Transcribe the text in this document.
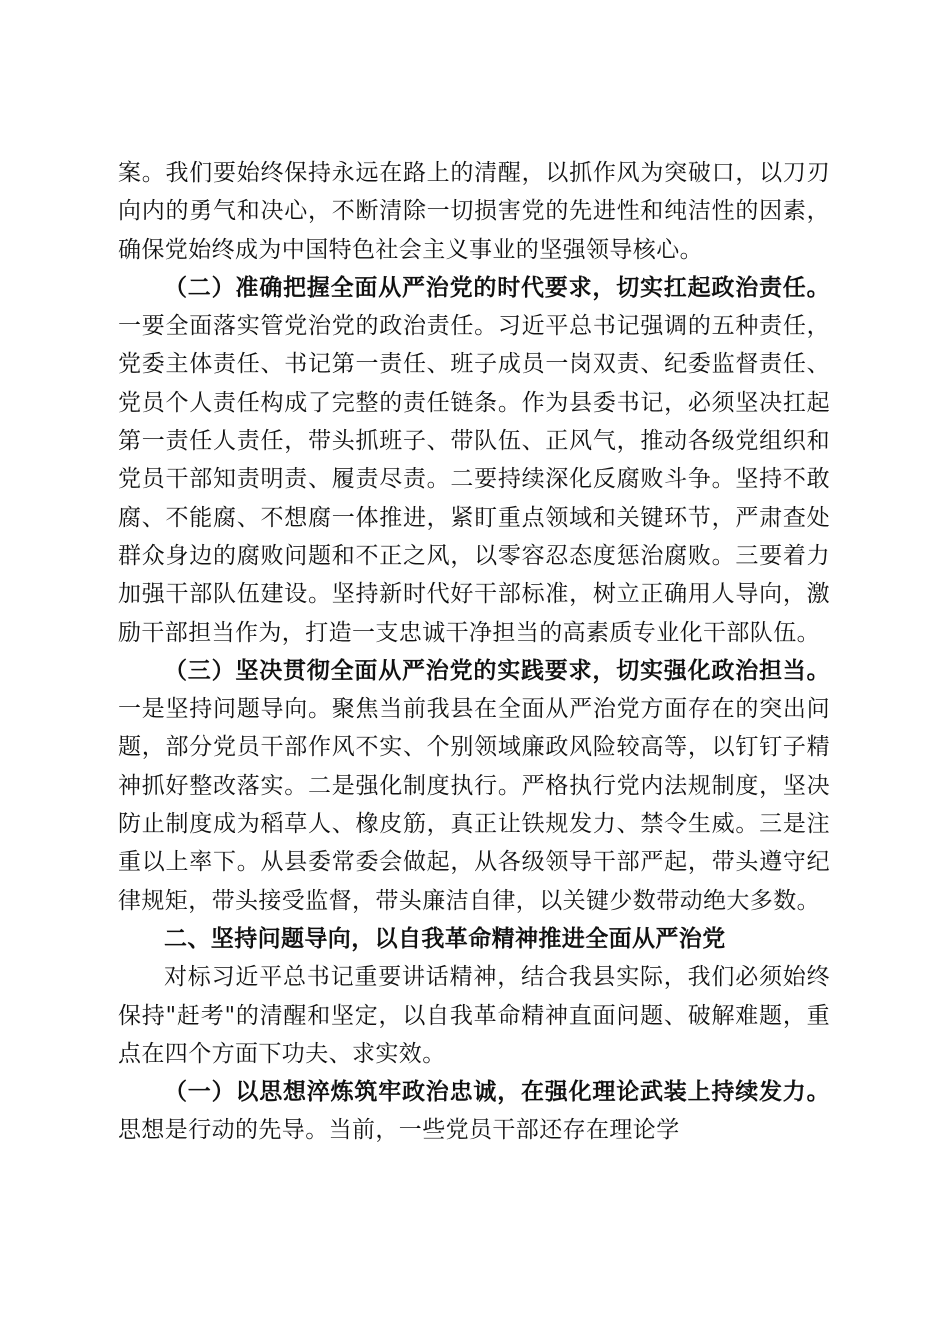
案。我们要始终保持永远在路上的清醒，以抓作风为突破口，以刀刃向内的勇气和决心，不断清除一切损害党的先进性和纯洁性的因素，确保党始终成为中国特色社会主义事业的坚强领导核心。

（二）准确把握全面从严治党的时代要求，切实扛起政治责任。一要全面落实管党治党的政治责任。习近平总书记强调的五种责任，党委主体责任、书记第一责任、班子成员一岗双责、纪委监督责任、党员个人责任构成了完整的责任链条。作为县委书记，必须坚决扛起第一责任人责任，带头抓班子、带队伍、正风气，推动各级党组织和党员干部知责明责、履责尽责。二要持续深化反腐败斗争。坚持不敢腐、不能腐、不想腐一体推进，紧盯重点领域和关键环节，严肃查处群众身边的腐败问题和不正之风，以零容忍态度惩治腐败。三要着力加强干部队伍建设。坚持新时代好干部标准，树立正确用人导向，激励干部担当作为，打造一支忠诚干净担当的高素质专业化干部队伍。

（三）坚决贯彻全面从严治党的实践要求，切实强化政治担当。一是坚持问题导向。聚焦当前我县在全面从严治党方面存在的突出问题，部分党员干部作风不实、个别领域廉政风险较高等，以钉钉子精神抓好整改落实。二是强化制度执行。严格执行党内法规制度，坚决防止制度成为稻草人、橡皮筋，真正让铁规发力、禁令生威。三是注重以上率下。从县委常委会做起，从各级领导干部严起，带头遵守纪律规矩，带头接受监督，带头廉洁自律，以关键少数带动绝大多数。

二、坚持问题导向，以自我革命精神推进全面从严治党

对标习近平总书记重要讲话精神，结合我县实际，我们必须始终保持"赶考"的清醒和坚定，以自我革命精神直面问题、破解难题，重点在四个方面下功夫、求实效。

（一）以思想淬炼筑牢政治忠诚，在强化理论武装上持续发力。思想是行动的先导。当前，一些党员干部还存在理论学
